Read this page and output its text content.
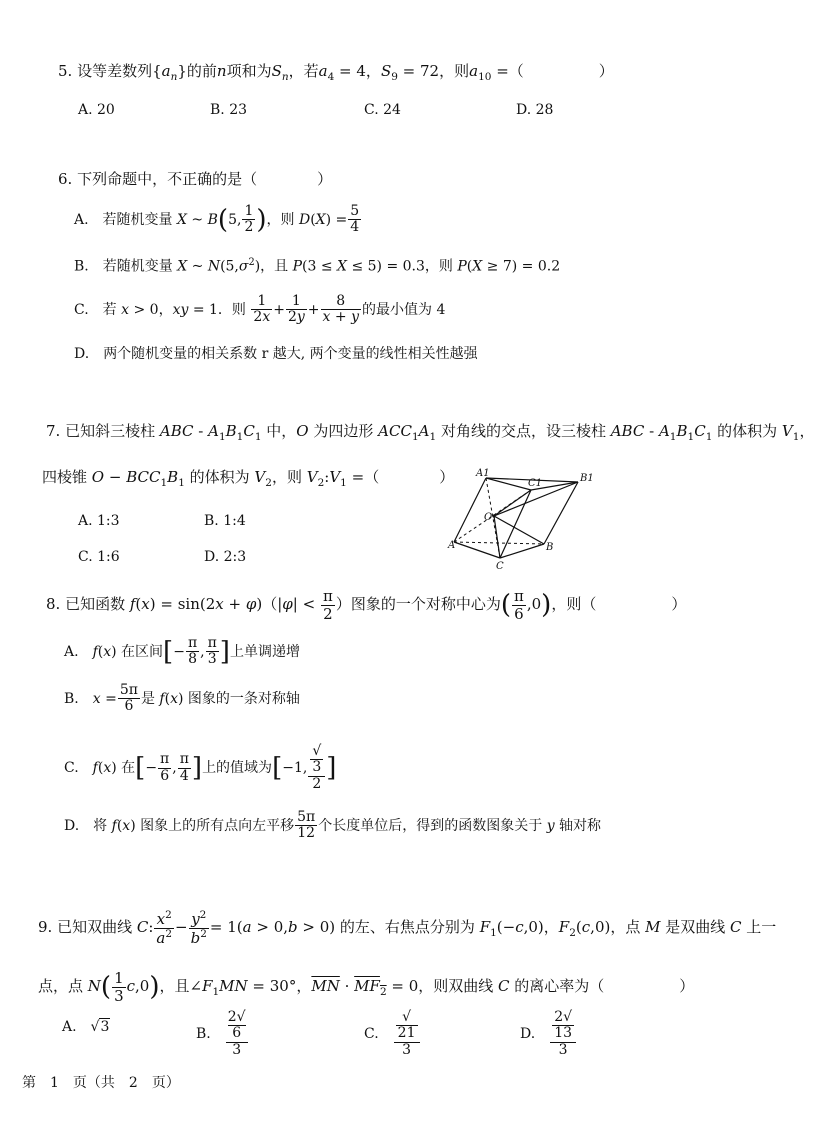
5. 设等差数列$\{a_n\}$的前n项和为$S_n$，若$a_4 = 4$，$S_9 = 72$，则$a_{10}$ =（　　　　　）
A. 20	B. 23	C. 24	D. 28
6. 下列命题中，不正确的是（　　　　）
A.　若随机变量 X ~ B(5, $\frac{1}{2}$ )，则 $D(X) = \frac{5}{4}$
B.　若随机变量 X ~ $N(5,\sigma^2)$，且 P(3 ≤ X ≤ 5) = 0.3，则 P(X ≥ 7) = 0.2
C.　若 x > 0，xy = 1．则 $\frac{1}{2x} + \frac{1}{2y} + \frac{8}{x + y}$ 的最小值为 4
D.　两个随机变量的相关系数 r 越大, 两个变量的线性相关性越强
7. 已知斜三棱柱 ABC - $A_1B_1C_1$ 中，O 为四边形 $ACC_1A_1$ 对角线的交点，设三棱柱 ABC - $A_1B_1C_1$ 的体积为 $V_1$，
四棱锥 $O - BCC_1B_1$ 的体积为 $V_2$，则 $V_2:V_1$ =（　　　　）
A. 1:3	B. 1:4
C. 1:6	D. 2:3
A1
C1	B1
O
A	B
C
8. 已知函数 $f(x) = \sin(2x + \varphi)(|\varphi| < \frac{\pi}{2}$ ）图象的一个对称中心为( $\frac{\pi}{6} ,0$)，则（　　　　　）
A.　f(x) 在区间[− $\frac{\pi}{8}$ , $\frac{\pi}{3}$ ]上单调递增
B.　$x = \frac{5\pi}{6}$ 是 f(x) 图象的一条对称轴
C.　f(x) 在[− $\frac{\pi}{6}$ , $\frac{\pi}{4}$ ]上的值域为[−1, √
3
2 ]
D.　将 f(x) 图象上的所有点向左平移 $\frac{5\pi}{12}$ 个长度单位后，得到的函数图象关于 y 轴对称
9. 已知双曲线 C: $\frac{x^2}{a^2} - \frac{y^2}{b^2} = 1(a > 0,b > 0)$ 的左、右焦点分别为 $F_1(-c,0)$，$F_2(c,0)$，点 M 是双曲线 C 上一
点，点 $N( \frac{1}{3} c,0)$，且$\angle F_1MN = 30^\circ$，$\overline{MN} \cdot MF_2 = 0$，则双曲线 C 的离心率为（　　　　　）
A.　√3	B.　 2√
6
3	C.　 √
21
3	D.　 2√
13
3
第　1　页（共　2　页）
